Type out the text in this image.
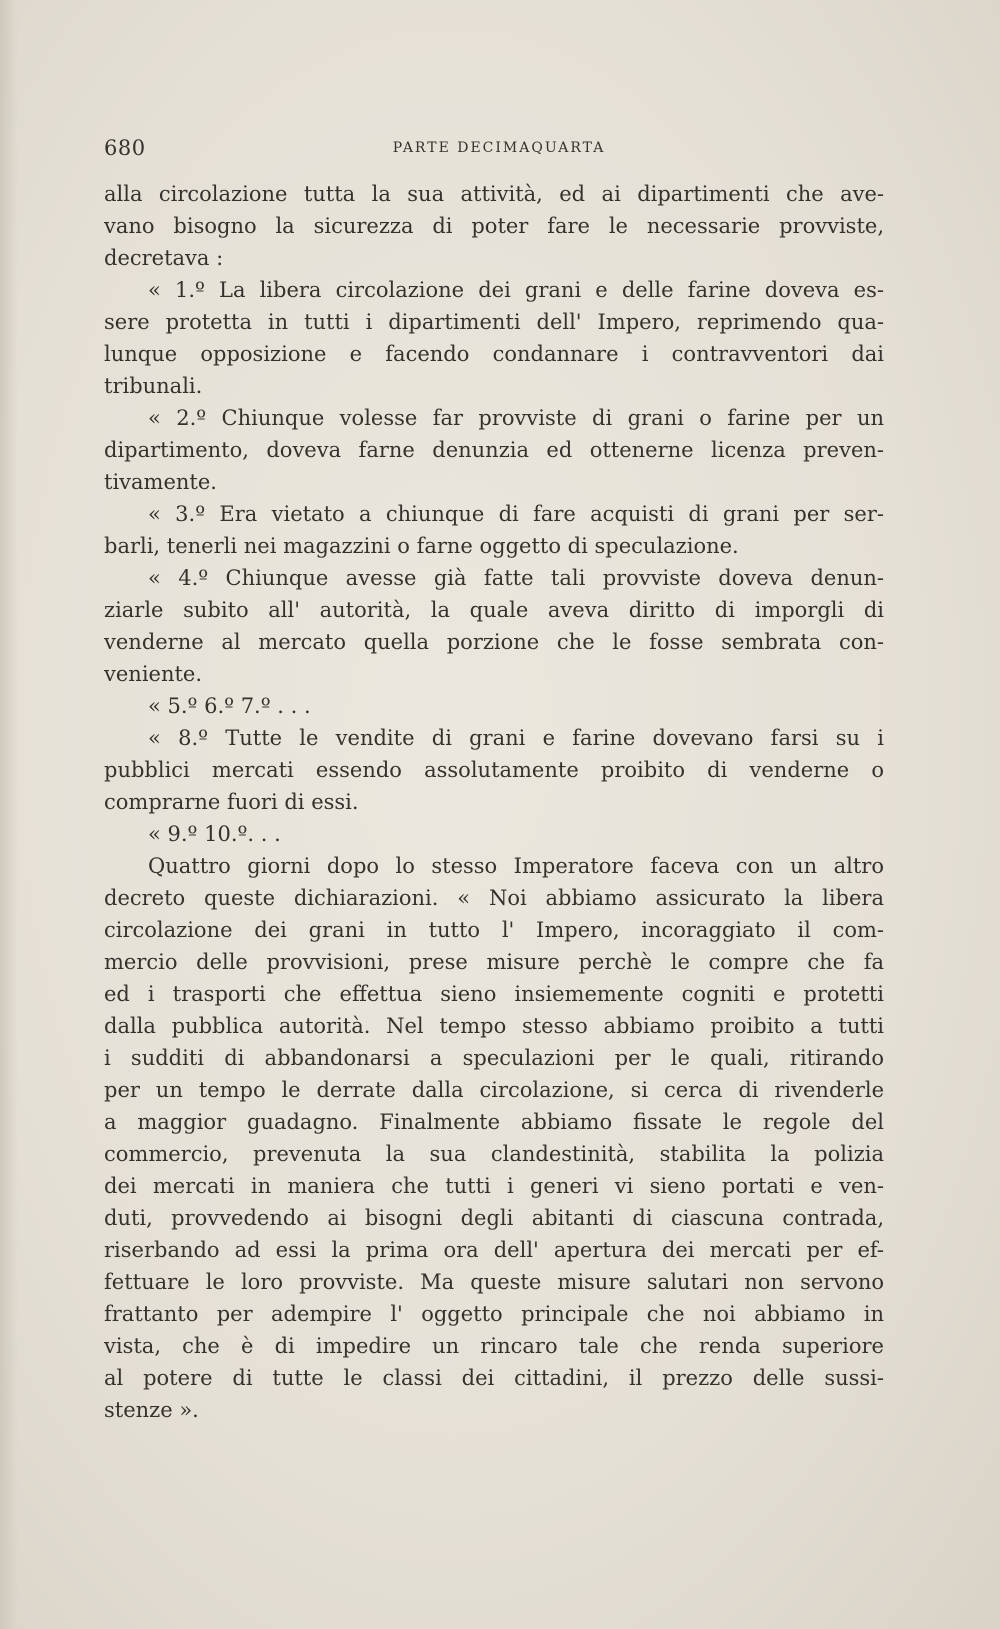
680	PARTE DECIMAQUARTA
alla circolazione tutta la sua attività, ed ai dipartimenti che ave-
vano bisogno la sicurezza di poter fare le necessarie provviste,
decretava :
« 1.º La libera circolazione dei grani e delle farine doveva es-
sere protetta in tutti i dipartimenti dell' Impero, reprimendo qua-
lunque opposizione e facendo condannare i contravventori dai
tribunali.
« 2.º Chiunque volesse far provviste di grani o farine per un
dipartimento, doveva farne denunzia ed ottenerne licenza preven-
tivamente.
« 3.º Era vietato a chiunque di fare acquisti di grani per ser-
barli, tenerli nei magazzini o farne oggetto di speculazione.
« 4.º Chiunque avesse già fatte tali provviste doveva denun-
ziarle subito all' autorità, la quale aveva diritto di imporgli di
venderne al mercato quella porzione che le fosse sembrata con-
veniente.
« 5.º 6.º 7.º . . .
« 8.º Tutte le vendite di grani e farine dovevano farsi su i
pubblici mercati essendo assolutamente proibito di venderne o
comprarne fuori di essi.
« 9.º 10.º. . .
Quattro giorni dopo lo stesso Imperatore faceva con un altro
decreto queste dichiarazioni. « Noi abbiamo assicurato la libera
circolazione dei grani in tutto l' Impero, incoraggiato il com-
mercio delle provvisioni, prese misure perchè le compre che fa
ed i trasporti che effettua sieno insiememente cogniti e protetti
dalla pubblica autorità. Nel tempo stesso abbiamo proibito a tutti
i sudditi di abbandonarsi a speculazioni per le quali, ritirando
per un tempo le derrate dalla circolazione, si cerca di rivenderle
a maggior guadagno. Finalmente abbiamo fissate le regole del
commercio, prevenuta la sua clandestinità, stabilita la polizia
dei mercati in maniera che tutti i generi vi sieno portati e ven-
duti, provvedendo ai bisogni degli abitanti di ciascuna contrada,
riserbando ad essi la prima ora dell' apertura dei mercati per ef-
fettuare le loro provviste. Ma queste misure salutari non servono
frattanto per adempire l' oggetto principale che noi abbiamo in
vista, che è di impedire un rincaro tale che renda superiore
al potere di tutte le classi dei cittadini, il prezzo delle sussi-
stenze ».
